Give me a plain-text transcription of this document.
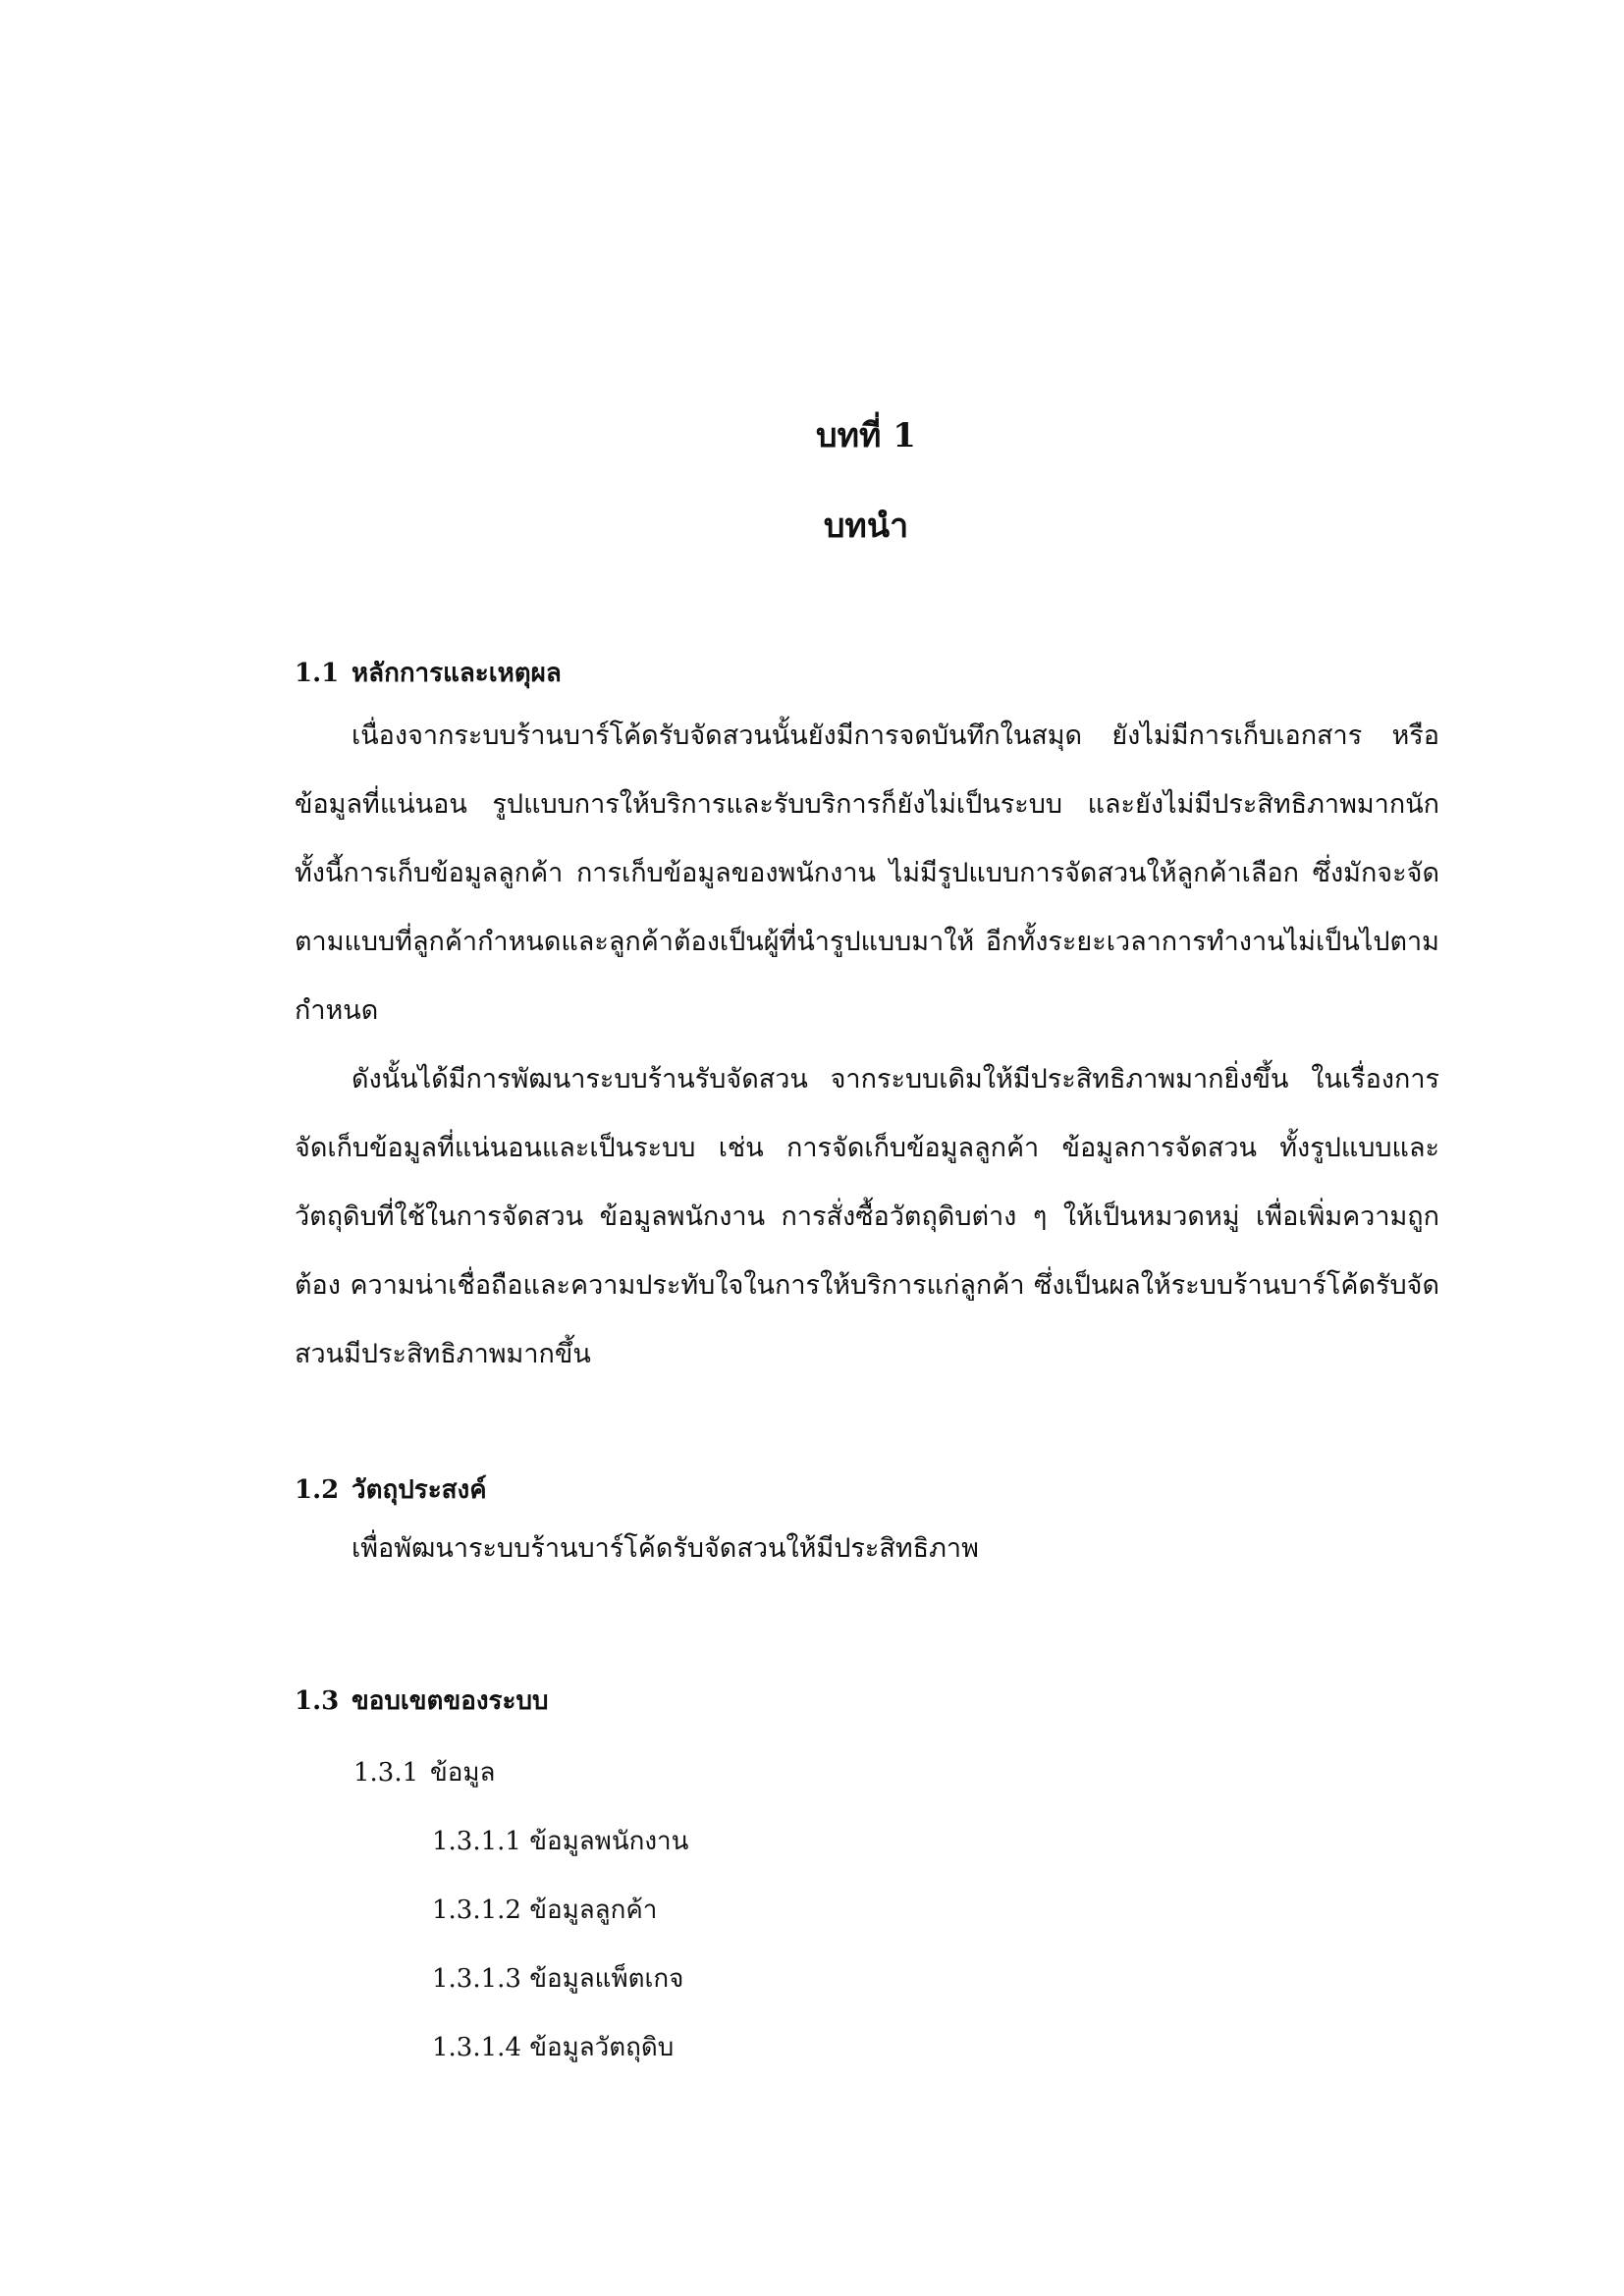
บทที่ 1
บทนำ
1.1 หลักการและเหตุผล

เนื่องจากระบบร้านบาร์โค้ดรับจัดสวนนั้นยังมีการจดบันทึกในสมุด ยังไม่มีการเก็บเอกสาร หรือข้อมูลที่แน่นอน รูปแบบการให้บริการและรับบริการก็ยังไม่เป็นระบบ และยังไม่มีประสิทธิภาพมากนัก ทั้งนี้การเก็บข้อมูลลูกค้า การเก็บข้อมูลของพนักงาน ไม่มีรูปแบบการจัดสวนให้ลูกค้าเลือก ซึ่งมักจะจัดตามแบบที่ลูกค้ากำหนดและลูกค้าต้องเป็นผู้ที่นำรูปแบบมาให้ อีกทั้งระยะเวลาการทำงานไม่เป็นไปตามกำหนด

ดังนั้นได้มีการพัฒนาระบบร้านรับจัดสวน จากระบบเดิมให้มีประสิทธิภาพมากยิ่งขึ้น ในเรื่องการจัดเก็บข้อมูลที่แน่นอนและเป็นระบบ เช่น การจัดเก็บข้อมูลลูกค้า ข้อมูลการจัดสวน ทั้งรูปแบบและวัตถุดิบที่ใช้ในการจัดสวน ข้อมูลพนักงาน การสั่งซื้อวัตถุดิบต่าง ๆ ให้เป็นหมวดหมู่ เพื่อเพิ่มความถูกต้อง ความน่าเชื่อถือและความประทับใจในการให้บริการแก่ลูกค้า ซึ่งเป็นผลให้ระบบร้านบาร์โค้ดรับจัดสวนมีประสิทธิภาพมากขึ้น

1.2 วัตถุประสงค์
เพื่อพัฒนาระบบร้านบาร์โค้ดรับจัดสวนให้มีประสิทธิภาพ
1.3 ขอบเขตของระบบ
1.3.1 ข้อมูล
1.3.1.1 ข้อมูลพนักงาน
1.3.1.2 ข้อมูลลูกค้า
1.3.1.3 ข้อมูลแพ็ตเกจ
1.3.1.4 ข้อมูลวัตถุดิบ
